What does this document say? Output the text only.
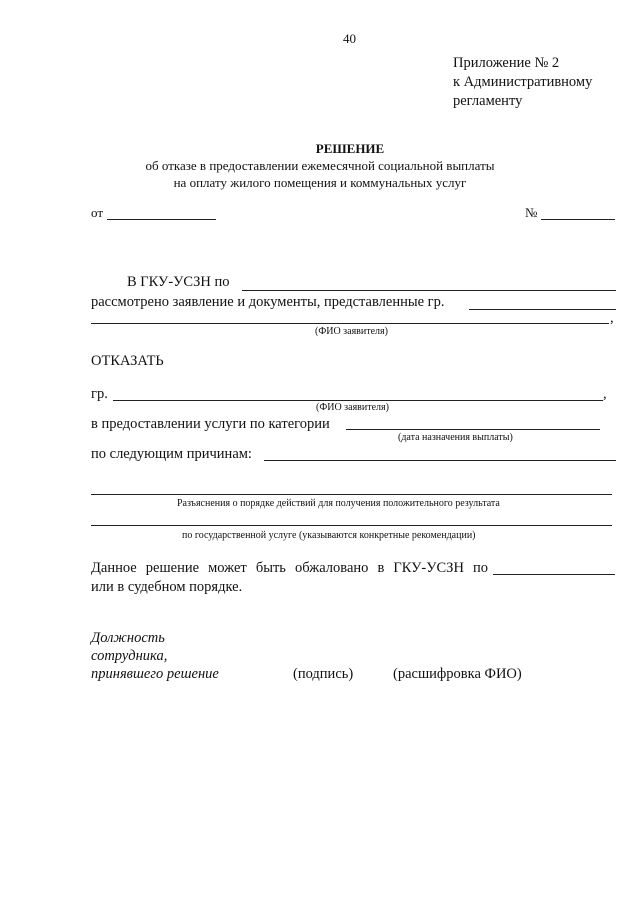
40
Приложение № 2
к Административному
регламенту
РЕШЕНИЕ
об отказе в предоставлении ежемесячной социальной выплаты
на оплату жилого помещения и коммунальных услуг
от	№
В ГКУ-УСЗН по
рассмотрено заявление и документы, представленные гр.
,
(ФИО заявителя)
ОТКАЗАТЬ
гр.	,
(ФИО заявителя)
в предоставлении услуги по категории
(дата назначения выплаты)
по следующим причинам:
Разъяснения о порядке действий для получения положительного результата
по государственной услуге (указываются конкретные рекомендации)
Данное решение может быть обжаловано в ГКУ-УСЗН по
или в судебном порядке.
Должность
сотрудника,
принявшего решение	(подпись)	(расшифровка ФИО)
